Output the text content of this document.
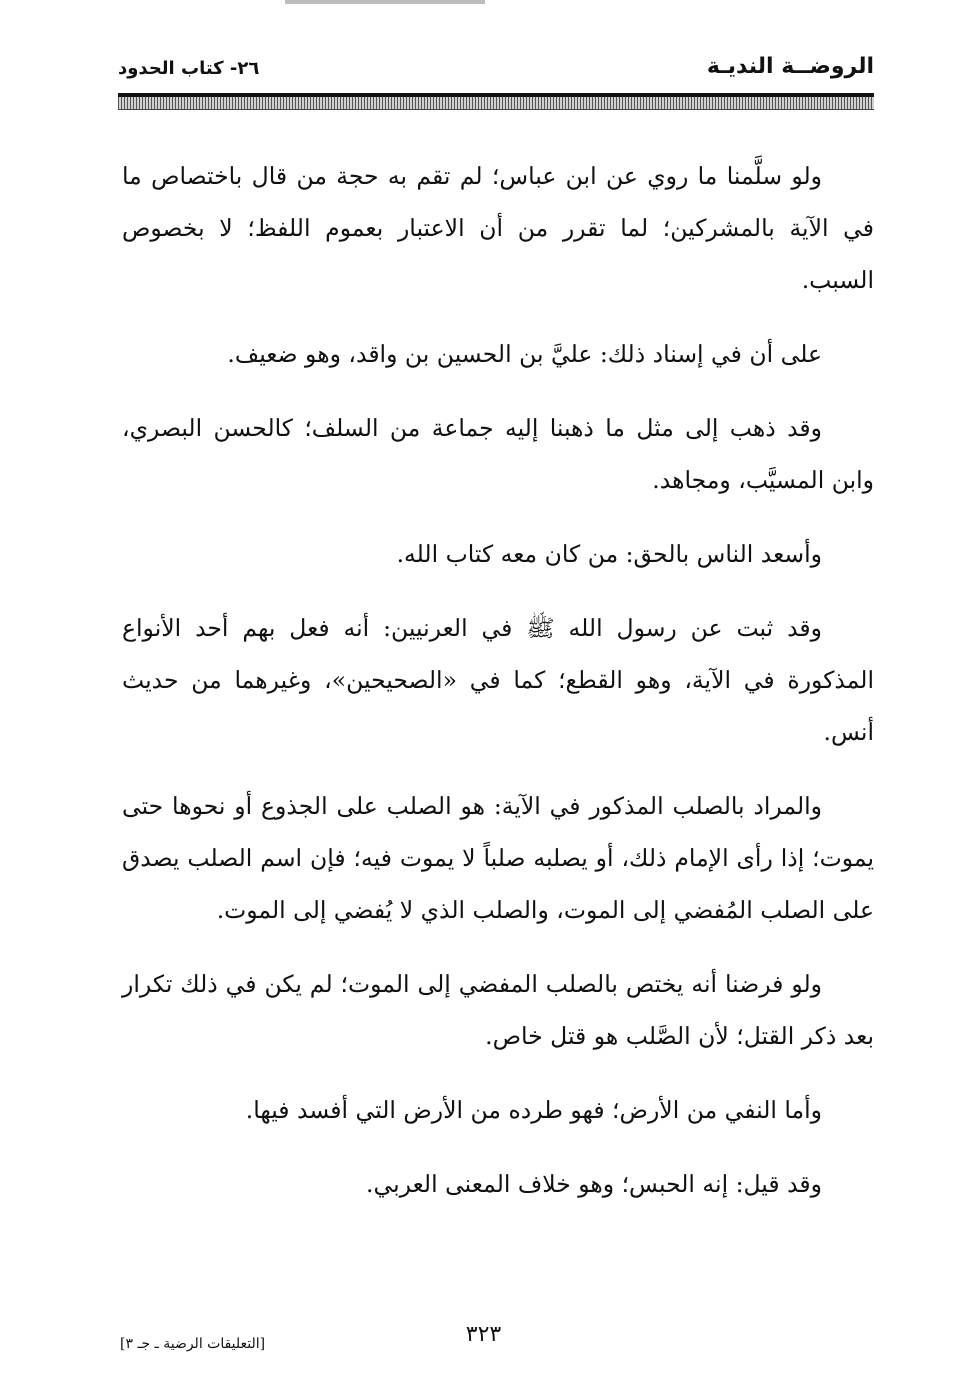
الروضــة النديـة
٢٦- كتاب الحدود

ولو سلَّمنا ما روي عن ابن عباس؛ لم تقم به حجة من قال باختصاص ما في الآية بالمشركين؛ لما تقرر من أن الاعتبار بعموم اللفظ؛ لا بخصوص السبب.

على أن في إسناد ذلك: عليَّ بن الحسين بن واقد، وهو ضعيف.

وقد ذهب إلى مثل ما ذهبنا إليه جماعة من السلف؛ كالحسن البصري، وابن المسيَّب، ومجاهد.

وأسعد الناس بالحق: من كان معه كتاب الله.

وقد ثبت عن رسول الله ﷺ في العرنيين: أنه فعل بهم أحد الأنواع المذكورة في الآية، وهو القطع؛ كما في «الصحيحين»، وغيرهما من حديث أنس.

والمراد بالصلب المذكور في الآية: هو الصلب على الجذوع أو نحوها حتى يموت؛ إذا رأى الإمام ذلك، أو يصلبه صلباً لا يموت فيه؛ فإن اسم الصلب يصدق على الصلب المُفضي إلى الموت، والصلب الذي لا يُفضي إلى الموت.

ولو فرضنا أنه يختص بالصلب المفضي إلى الموت؛ لم يكن في ذلك تكرار بعد ذكر القتل؛ لأن الصَّلب هو قتل خاص.

وأما النفي من الأرض؛ فهو طرده من الأرض التي أفسد فيها.

وقد قيل: إنه الحبس؛ وهو خلاف المعنى العربي.

٣٢٣
[التعليقات الرضية ـ جـ ٣]
